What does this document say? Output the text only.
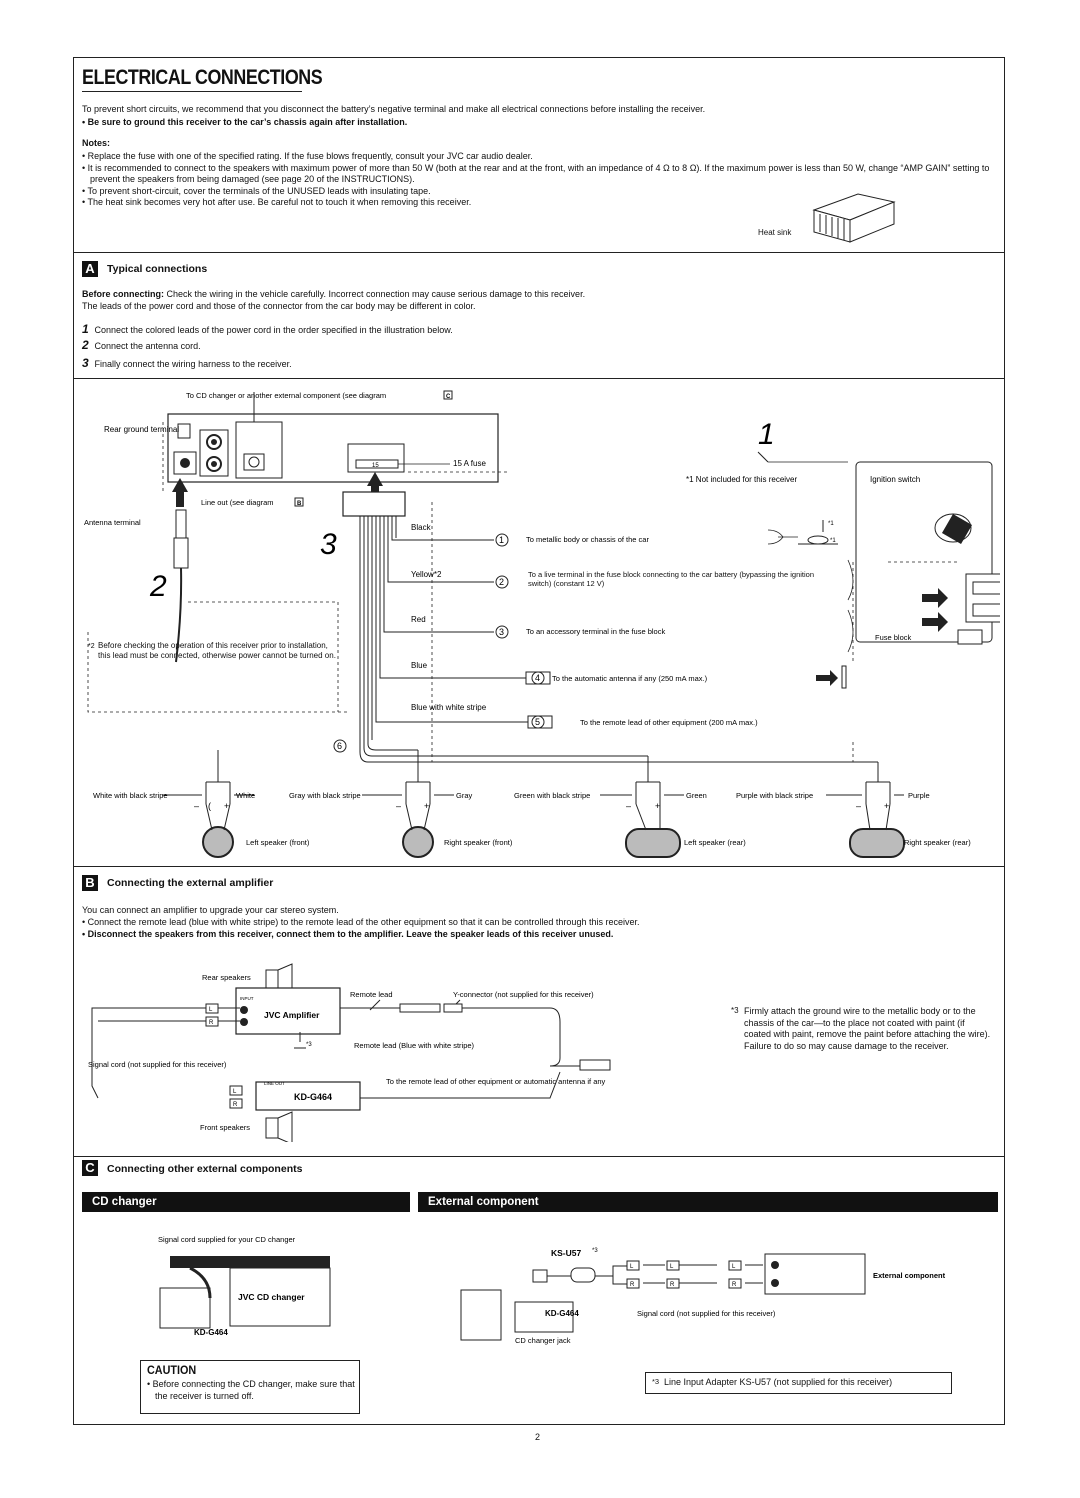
ELECTRICAL CONNECTIONS
To prevent short circuits, we recommend that you disconnect the battery’s negative terminal and make all electrical connections before installing the receiver.
• Be sure to ground this receiver to the car’s chassis again after installation.
Notes:
• Replace the fuse with one of the specified rating. If the fuse blows frequently, consult your JVC car audio dealer.
• It is recommended to connect to the speakers with maximum power of more than 50 W (both at the rear and at the front, with an impedance of 4 Ω to 8 Ω). If the maximum power is less than 50 W, change “AMP GAIN” setting to prevent the speakers from being damaged (see page 20 of the INSTRUCTIONS).
• To prevent short-circuit, cover the terminals of the UNUSED leads with insulating tape.
• The heat sink becomes very hot after use. Be careful not to touch it when removing this receiver.
Heat sink
A	Typical connections
Before connecting: Check the wiring in the vehicle carefully. Incorrect connection may cause serious damage to this receiver.
The leads of the power cord and those of the connector from the car body may be different in color.
1 Connect the colored leads of the power cord in the order specified in the illustration below.
2 Connect the antenna cord.
3 Finally connect the wiring harness to the receiver.
15	15 A fuse
To CD changer or another external component (see diagram	C
Rear ground terminal
Line out (see diagram	B
Antenna terminal
1
2
3
*1 Not included for this receiver	Ignition switch
*1
*1
Fuse block
Black
1	To metallic body or chassis of the car
Yellow*2
2
To a live terminal in the fuse block connecting to the car battery (bypassing the ignition switch) (constant 12 V)
Red
3	To an accessory terminal in the fuse block
Blue
4 To the automatic antenna if any (250 mA max.)
Blue with white stripe
5	To the remote lead of other equipment (200 mA max.)
6
*2 Before checking the operation of this receiver prior to installation, this lead must be connected, otherwise power cannot be turned on.
White with black stripe	White
– ( +
Left speaker (front)
Gray with black stripe	Gray
–	+
Right speaker (front)
Green with black stripe	Green
–	+
Left speaker (rear)
Purple with black stripe	Purple
–	+
Right speaker (rear)
B	Connecting the external amplifier
You can connect an amplifier to upgrade your car stereo system.
• Connect the remote lead (blue with white stripe) to the remote lead of the other equipment so that it can be controlled through this receiver.
• Disconnect the speakers from this receiver, connect them to the amplifier. Leave the speaker leads of this receiver unused.
Rear speakers
JVC Amplifier
INPUT
L
R
Remote lead	Y-connector (not supplied for this receiver)
*3	Remote lead (Blue with white stripe)
Signal cord (not supplied for this receiver)
To the remote lead of other equipment or automatic antenna if any
L
R
LINE OUT
KD-G464
Front speakers
*3 Firmly attach the ground wire to the metallic body or to the chassis of the car—to the place not coated with paint (if coated with paint, remove the paint before attaching the wire). Failure to do so may cause damage to the receiver.
C	Connecting other external components
CD changer	External component
Signal cord supplied for your CD changer
JVC CD changer
KD-G464
KS-U57 *3
L
R
L
R
L
R
External component
KD-G464	Signal cord (not supplied for this receiver)
CD changer jack
CAUTION
• Before connecting the CD changer, make sure that the receiver is turned off.
*3 Line Input Adapter KS-U57 (not supplied for this receiver)
2
